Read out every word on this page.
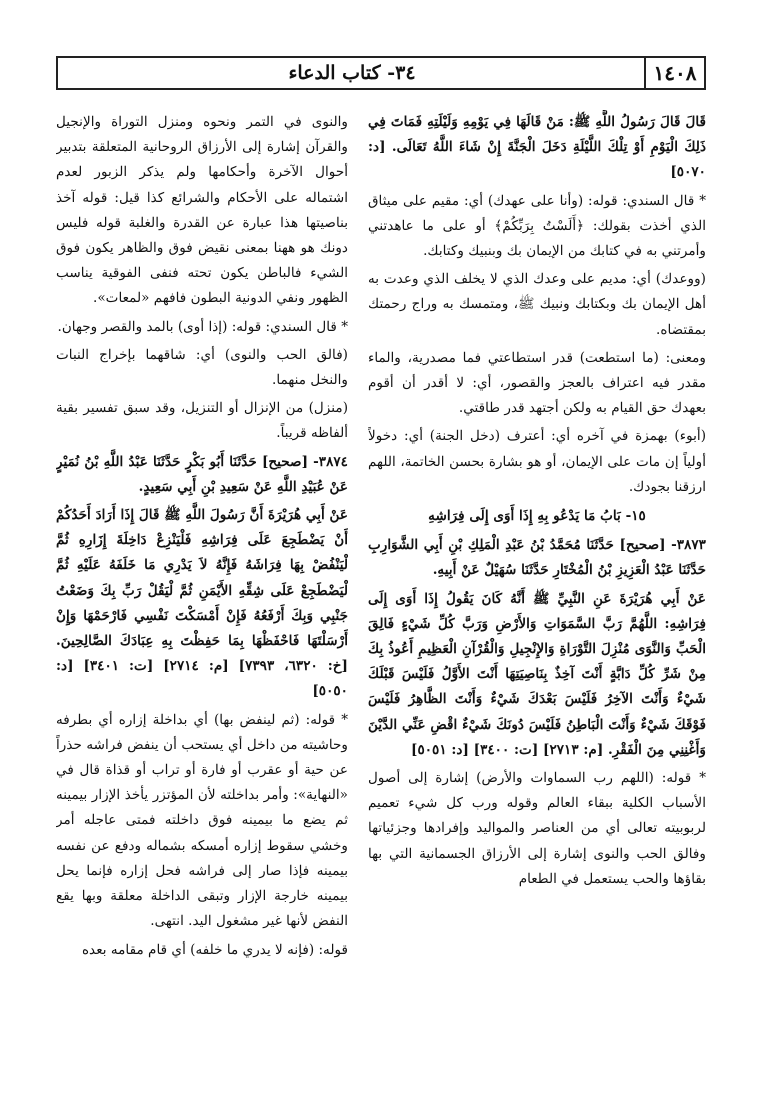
٣٤- كتاب الدعاء	١٤٠٨

قَالَ قَالَ رَسُولُ اللَّهِ ﷺ: مَنْ قَالَهَا فِي يَوْمِهِ وَلَيْلَتِهِ فَمَاتَ فِي ذَلِكَ الْيَوْمِ أَوْ تِلْكَ اللَّيْلَةِ دَخَلَ الْجَنَّةَ إِنْ شَاءَ اللَّهُ تَعَالَى. [د: ٥٠٧٠]

* قال السندي: قوله: (وأنا على عهدك) أي: مقيم على ميثاق الذي أخذت بقولك: ﴿أَلَسْتُ بِرَبِّكُمْ﴾ أو على ما عاهدتني وأمرتني به في كتابك من الإيمان بك وبنبيك وكتابك.

(ووعدك) أي: مديم على وعدك الذي لا يخلف الذي وعدت به أهل الإيمان بك وبكتابك ونبيك ﷺ، ومتمسك به وراج رحمتك بمقتضاه.

ومعنى: (ما استطعت) قدر استطاعتي فما مصدرية، والماء مقدر فيه اعتراف بالعجز والقصور، أي: لا أقدر أن أقوم بعهدك حق القيام به ولكن أجتهد قدر طاقتي.

(أبوء) بهمزة في آخره أي: أعترف (دخل الجنة) أي: دخولاً أولياً إن مات على الإيمان، أو هو بشارة بحسن الخاتمة، اللهم ارزقنا بجودك.

١٥- بَابُ مَا يَدْعُو بِهِ إِذَا أَوَى إِلَى فِرَاشِهِ

٣٨٧٣- [صحيح] حَدَّثَنَا مُحَمَّدُ بْنُ عَبْدِ الْمَلِكِ بْنِ أَبِي الشَّوَارِبِ حَدَّثَنَا عَبْدُ الْعَزِيزِ بْنُ الْمُخْتَارِ حَدَّثَنَا سُهَيْلٌ عَنْ أَبِيهِ.

عَنْ أَبِي هُرَيْرَةَ عَنِ النَّبِيِّ ﷺ أَنَّهُ كَانَ يَقُولُ إِذَا أَوَى إِلَى فِرَاشِهِ: اللَّهُمَّ رَبَّ السَّمَوَاتِ وَالأَرْضِ وَرَبَّ كُلِّ شَيْءٍ فَالِقَ الْحَبِّ وَالنَّوَى مُنْزِلَ التَّوْرَاةِ وَالإِنْجِيلِ وَالْقُرْآنِ الْعَظِيمِ أَعُوذُ بِكَ مِنْ شَرِّ كُلِّ دَابَّةٍ أَنْتَ آخِذٌ بِنَاصِيَتِهَا أَنْتَ الأَوَّلُ فَلَيْسَ قَبْلَكَ شَيْءٌ وَأَنْتَ الآخِرُ فَلَيْسَ بَعْدَكَ شَيْءٌ وَأَنْتَ الظَّاهِرُ فَلَيْسَ فَوْقَكَ شَيْءٌ وَأَنْتَ الْبَاطِنُ فَلَيْسَ دُونَكَ شَيْءٌ اقْضِ عَنِّي الدَّيْنَ وَأَغْنِنِي مِنَ الْفَقْرِ. [م: ٢٧١٣] [ت: ٣٤٠٠] [د: ٥٠٥١]

* قوله: (اللهم رب السماوات والأرض) إشارة إلى أصول الأسباب الكلية ببقاء العالم وقوله ورب كل شيء تعميم لربوبيته تعالى أي من العناصر والمواليد وإفرادها وجزئياتها وفالق الحب والنوى إشارة إلى الأرزاق الجسمانية التي بها بقاؤها والحب يستعمل في الطعام

والنوى في التمر ونحوه ومنزل التوراة والإنجيل والقرآن إشارة إلى الأرزاق الروحانية المتعلقة بتدبير أحوال الآخرة وأحكامها ولم يذكر الزبور لعدم اشتماله على الأحكام والشرائع كذا قيل: قوله آخذ بناصيتها هذا عبارة عن القدرة والغلبة قوله فليس دونك هو ههنا بمعنى نقيض فوق والظاهر يكون فوق الشيء فالباطن يكون تحته فنفى الفوقية يناسب الظهور ونفي الدونية البطون فافهم «لمعات».

* قال السندي: قوله: (إذا أوى) بالمد والقصر وجهان.

(فالق الحب والنوى) أي: شاقهما بإخراج النبات والنخل منهما.

(منزل) من الإنزال أو التنزيل، وقد سبق تفسير بقية ألفاظه قريباً.

٣٨٧٤- [صحيح] حَدَّثَنَا أَبُو بَكْرٍ حَدَّثَنَا عَبْدُ اللَّهِ بْنُ نُمَيْرٍ عَنْ عُبَيْدِ اللَّهِ عَنْ سَعِيدِ بْنِ أَبِي سَعِيدٍ.

عَنْ أَبِي هُرَيْرَةَ أَنَّ رَسُولَ اللَّهِ ﷺ قَالَ إِذَا أَرَادَ أَحَدُكُمْ أَنْ يَضْطَجِعَ عَلَى فِرَاشِهِ فَلْيَنْزِعْ دَاخِلَةَ إِزَارِهِ ثُمَّ لْيَنْفُضْ بِهَا فِرَاشَهُ فَإِنَّهُ لاَ يَدْرِي مَا خَلَفَهُ عَلَيْهِ ثُمَّ لْيَضْطَجِعْ عَلَى شِقِّهِ الأَيْمَنِ ثُمَّ لْيَقُلْ رَبِّ بِكَ وَضَعْتُ جَنْبِي وَبِكَ أَرْفَعُهُ فَإِنْ أَمْسَكْتَ نَفْسِي فَارْحَمْهَا وَإِنْ أَرْسَلْتَهَا فَاحْفَظْهَا بِمَا حَفِظْتَ بِهِ عِبَادَكَ الصَّالِحِينَ. [خ: ٦٣٢٠، ٧٣٩٣] [م: ٢٧١٤] [ت: ٣٤٠١] [د: ٥٠٥٠]

* قوله: (ثم لينفض بها) أي بداخلة إزاره أي بطرفه وحاشيته من داخل أي يستحب أن ينفض فراشه حذراً عن حية أو عقرب أو فارة أو تراب أو قذاة قال في «النهاية»: وأمر بداخلته لأن المؤتزر يأخذ الإزار بيمينه ثم يضع ما بيمينه فوق داخلته فمتى عاجله أمر وخشي سقوط إزاره أمسكه بشماله ودفع عن نفسه بيمينه فإذا صار إلى فراشه فحل إزاره فإنما يحل بيمينه خارجة الإزار وتبقى الداخلة معلقة وبها يقع النفض لأنها غير مشغول اليد. انتهى.

قوله: (فإنه لا يدري ما خلفه) أي قام مقامه بعده
